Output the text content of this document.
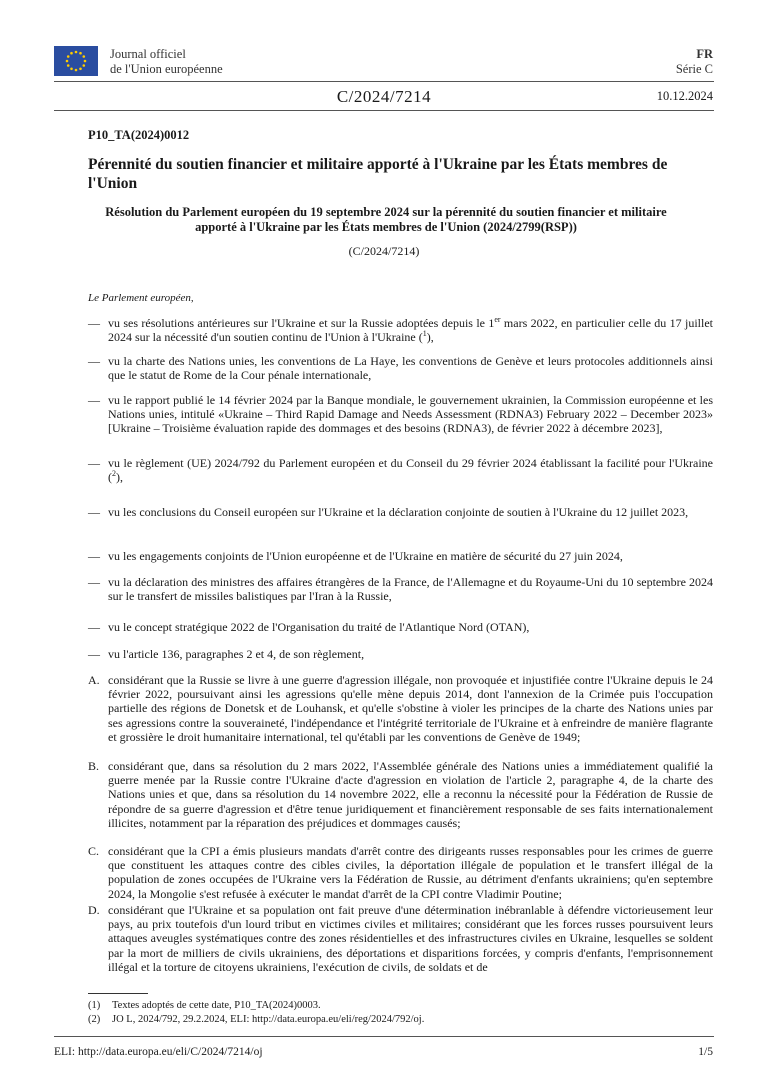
Journal officiel
de l'Union européenne
FR
Série C
C/2024/7214	10.12.2024
P10_TA(2024)0012
Pérennité du soutien financier et militaire apporté à l'Ukraine par les États membres de l'Union
Résolution du Parlement européen du 19 septembre 2024 sur la pérennité du soutien financier et militaire apporté à l'Ukraine par les États membres de l'Union (2024/2799(RSP))
(C/2024/7214)
Le Parlement européen,
— vu ses résolutions antérieures sur l'Ukraine et sur la Russie adoptées depuis le 1er mars 2022, en particulier celle du 17 juillet 2024 sur la nécessité d'un soutien continu de l'Union à l'Ukraine ($^1$),
— vu la charte des Nations unies, les conventions de La Haye, les conventions de Genève et leurs protocoles additionnels ainsi que le statut de Rome de la Cour pénale internationale,
— vu le rapport publié le 14 février 2024 par la Banque mondiale, le gouvernement ukrainien, la Commission européenne et les Nations unies, intitulé «Ukraine – Third Rapid Damage and Needs Assessment (RDNA3) February 2022 – December 2023» [Ukraine – Troisième évaluation rapide des dommages et des besoins (RDNA3), de février 2022 à décembre 2023],
— vu le règlement (UE) 2024/792 du Parlement européen et du Conseil du 29 février 2024 établissant la facilité pour l'Ukraine ($^2$),
— vu les conclusions du Conseil européen sur l'Ukraine et la déclaration conjointe de soutien à l'Ukraine du 12 juillet 2023,
— vu les engagements conjoints de l'Union européenne et de l'Ukraine en matière de sécurité du 27 juin 2024,
— vu la déclaration des ministres des affaires étrangères de la France, de l'Allemagne et du Royaume-Uni du 10 septembre 2024 sur le transfert de missiles balistiques par l'Iran à la Russie,
— vu le concept stratégique 2022 de l'Organisation du traité de l'Atlantique Nord (OTAN),
— vu l'article 136, paragraphes 2 et 4, de son règlement,
A. considérant que la Russie se livre à une guerre d'agression illégale, non provoquée et injustifiée contre l'Ukraine depuis le 24 février 2022, poursuivant ainsi les agressions qu'elle mène depuis 2014, dont l'annexion de la Crimée puis l'occupation partielle des régions de Donetsk et de Louhansk, et qu'elle s'obstine à violer les principes de la charte des Nations unies par ses agressions contre la souveraineté, l'indépendance et l'intégrité territoriale de l'Ukraine et à enfreindre de manière flagrante et grossière le droit humanitaire international, tel qu'établi par les conventions de Genève de 1949;
B. considérant que, dans sa résolution du 2 mars 2022, l'Assemblée générale des Nations unies a immédiatement qualifié la guerre menée par la Russie contre l'Ukraine d'acte d'agression en violation de l'article 2, paragraphe 4, de la charte des Nations unies et que, dans sa résolution du 14 novembre 2022, elle a reconnu la nécessité pour la Fédération de Russie de répondre de sa guerre d'agression et d'être tenue juridiquement et financièrement responsable de ses faits internationalement illicites, notamment par la réparation des préjudices et dommages causés;
C. considérant que la CPI a émis plusieurs mandats d'arrêt contre des dirigeants russes responsables pour les crimes de guerre que constituent les attaques contre des cibles civiles, la déportation illégale de population et le transfert illégal de la population de zones occupées de l'Ukraine vers la Fédération de Russie, au détriment d'enfants ukrainiens; qu'en septembre 2024, la Mongolie s'est refusée à exécuter le mandat d'arrêt de la CPI contre Vladimir Poutine;
D. considérant que l'Ukraine et sa population ont fait preuve d'une détermination inébranlable à défendre victorieusement leur pays, au prix toutefois d'un lourd tribut en victimes civiles et militaires; considérant que les forces russes poursuivent leurs attaques aveugles systématiques contre des zones résidentielles et des infrastructures civiles en Ukraine, lesquelles se soldent par la mort de milliers de civils ukrainiens, des déportations et disparitions forcées, y compris d'enfants, l'emprisonnement illégal et la torture de citoyens ukrainiens, l'exécution de civils, de soldats et de
(1) Textes adoptés de cette date, P10_TA(2024)0003.
(2) JO L, 2024/792, 29.2.2024, ELI: http://data.europa.eu/eli/reg/2024/792/oj.
ELI: http://data.europa.eu/eli/C/2024/7214/oj	1/5
